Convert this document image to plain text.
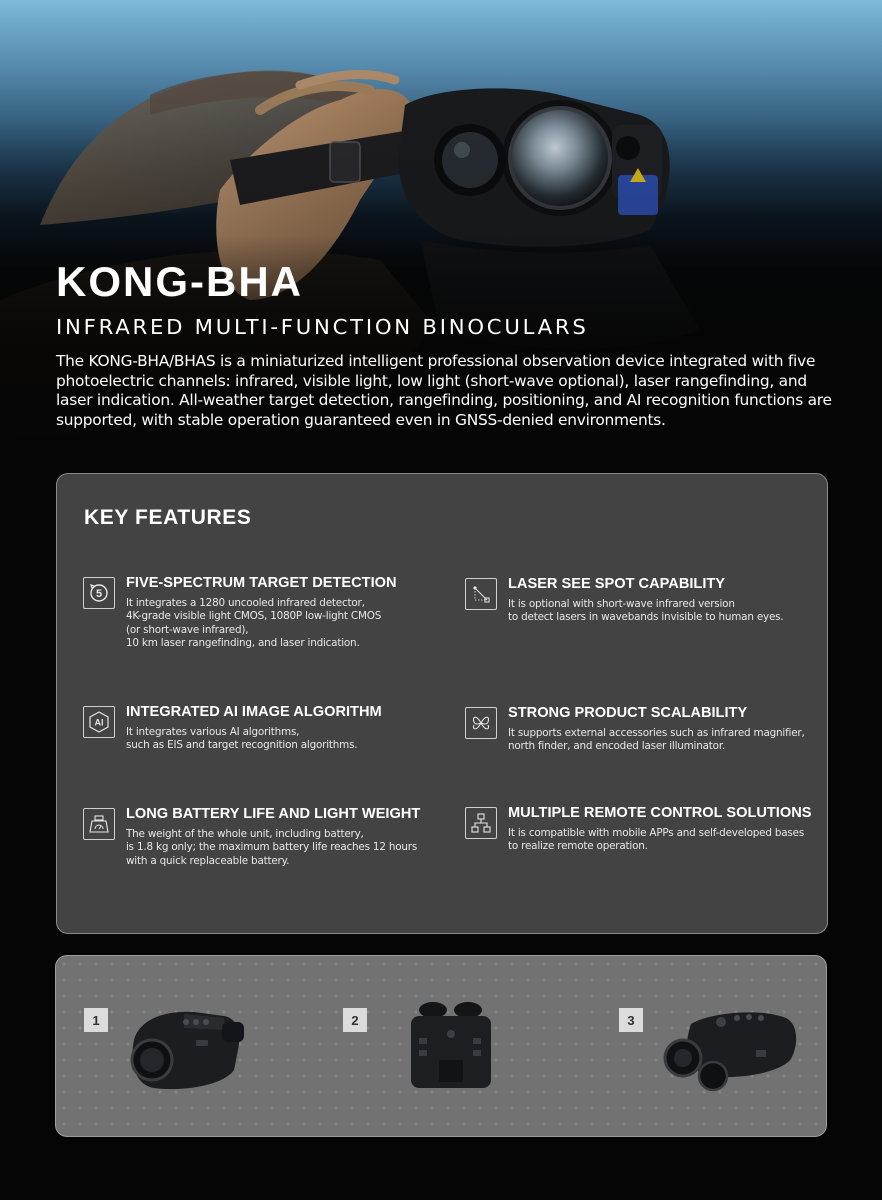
KONG-BHA
INFRARED MULTI-FUNCTION BINOCULARS

The KONG-BHA/BHAS is a miniaturized intelligent professional observation device integrated with five photoelectric channels: infrared, visible light, low light (short-wave optional), laser rangefinding, and laser indication. All-weather target detection, rangefinding, positioning, and AI recognition functions are supported, with stable operation guaranteed even in GNSS-denied environments.

KEY FEATURES
5
FIVE-SPECTRUM TARGET DETECTION
It integrates a 1280 uncooled infrared detector,
4K-grade visible light CMOS, 1080P low-light CMOS
(or short-wave infrared),
10 km laser rangefinding, and laser indication.
LASER SEE SPOT CAPABILITY
It is optional with short-wave infrared version
to detect lasers in wavebands invisible to human eyes.
AI
INTEGRATED AI IMAGE ALGORITHM
It integrates various AI algorithms,
such as EIS and target recognition algorithms.
STRONG PRODUCT SCALABILITY
It supports external accessories such as infrared magnifier,
north finder, and encoded laser illuminator.
LONG BATTERY LIFE AND LIGHT WEIGHT
The weight of the whole unit, including battery,
is 1.8 kg only; the maximum battery life reaches 12 hours
with a quick replaceable battery.
MULTIPLE REMOTE CONTROL SOLUTIONS
It is compatible with mobile APPs and self-developed bases
to realize remote operation.
1	2	3
